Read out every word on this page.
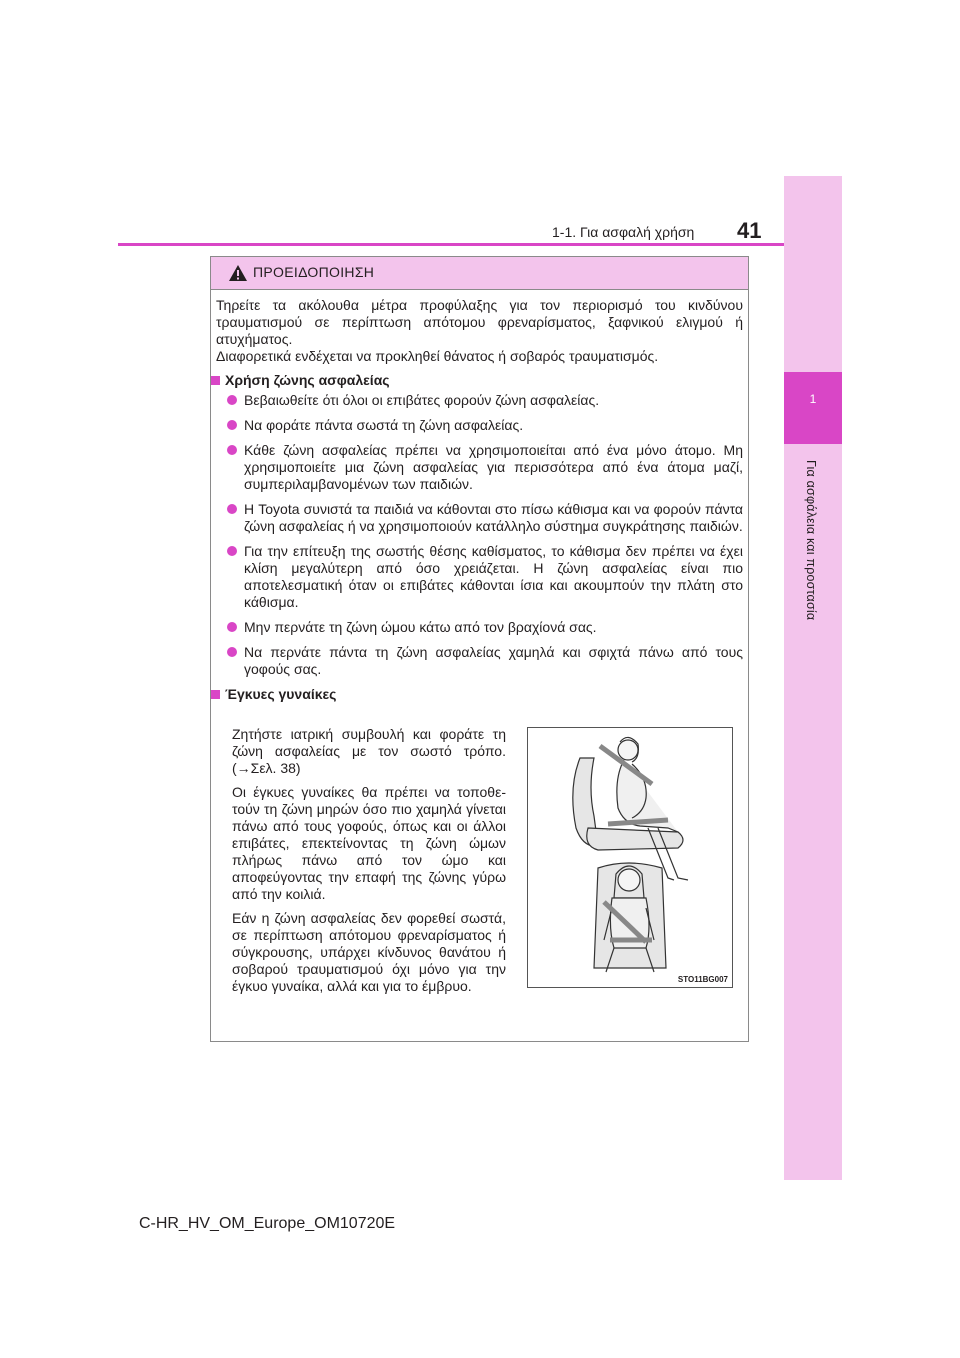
1
Για ασφάλεια και προστασία
1-1. Για ασφαλή χρήση 41
ΠΡΟΕΙΔΟΠΟΙΗΣΗ

Τηρείτε τα ακόλουθα μέτρα προφύλαξης για τον περιορισμό του κινδύνου τραυματισμού σε περίπτωση απότομου φρεναρίσματος, ξαφνικού ελιγμού ή ατυχήματος.

Διαφορετικά ενδέχεται να προκληθεί θάνατος ή σοβαρός τραυματισμός.

Χρήση ζώνης ασφαλείας

Βεβαιωθείτε ότι όλοι οι επιβάτες φορούν ζώνη ασφαλείας.
Να φοράτε πάντα σωστά τη ζώνη ασφαλείας.
Κάθε ζώνη ασφαλείας πρέπει να χρησιμοποιείται από ένα μόνο άτομο. Μη χρησιμοποιείτε μια ζώνη ασφαλείας για περισσότερα από ένα άτομα μαζί, συμπεριλαμβανομένων των παιδιών.
Η Toyota συνιστά τα παιδιά να κάθονται στο πίσω κάθισμα και να φορούν πάντα ζώνη ασφαλείας ή να χρησιμοποιούν κατάλληλο σύστημα συγκράτησης παιδιών.
Για την επίτευξη της σωστής θέσης καθίσματος, το κάθισμα δεν πρέπει να έχει κλίση μεγαλύτερη από όσο χρειάζεται. Η ζώνη ασφαλείας είναι πιο αποτελεσματική όταν οι επιβάτες κάθονται ίσια και ακουμπούν την πλάτη στο κάθισμα.
Μην περνάτε τη ζώνη ώμου κάτω από τον βραχίονά σας.
Να περνάτε πάντα τη ζώνη ασφαλείας χαμηλά και σφιχτά πάνω από τους γοφούς σας.

Έγκυες γυναίκες

Ζητήστε ιατρική συμβουλή και φοράτε τη ζώνη ασφαλείας με τον σωστό τρόπο. (→Σελ. 38)

Οι έγκυες γυναίκες θα πρέπει να τοποθετούν τη ζώνη μηρών όσο πιο χαμηλά γίνεται πάνω από τους γοφούς, όπως και οι άλλοι επιβάτες, επεκτείνοντας τη ζώνη ώμων πλήρως πάνω από τον ώμο και αποφεύγοντας την επαφή της ζώνης γύρω από την κοιλιά.

Εάν η ζώνη ασφαλείας δεν φορεθεί σωστά, σε περίπτωση απότομου φρεναρίσματος ή σύγκρουσης, υπάρχει κίνδυνος θανάτου ή σοβαρού τραυματισμού όχι μόνο για την έγκυο γυναίκα, αλλά και για το έμβρυο.	STO11BG007
C-HR_HV_OM_Europe_OM10720E
